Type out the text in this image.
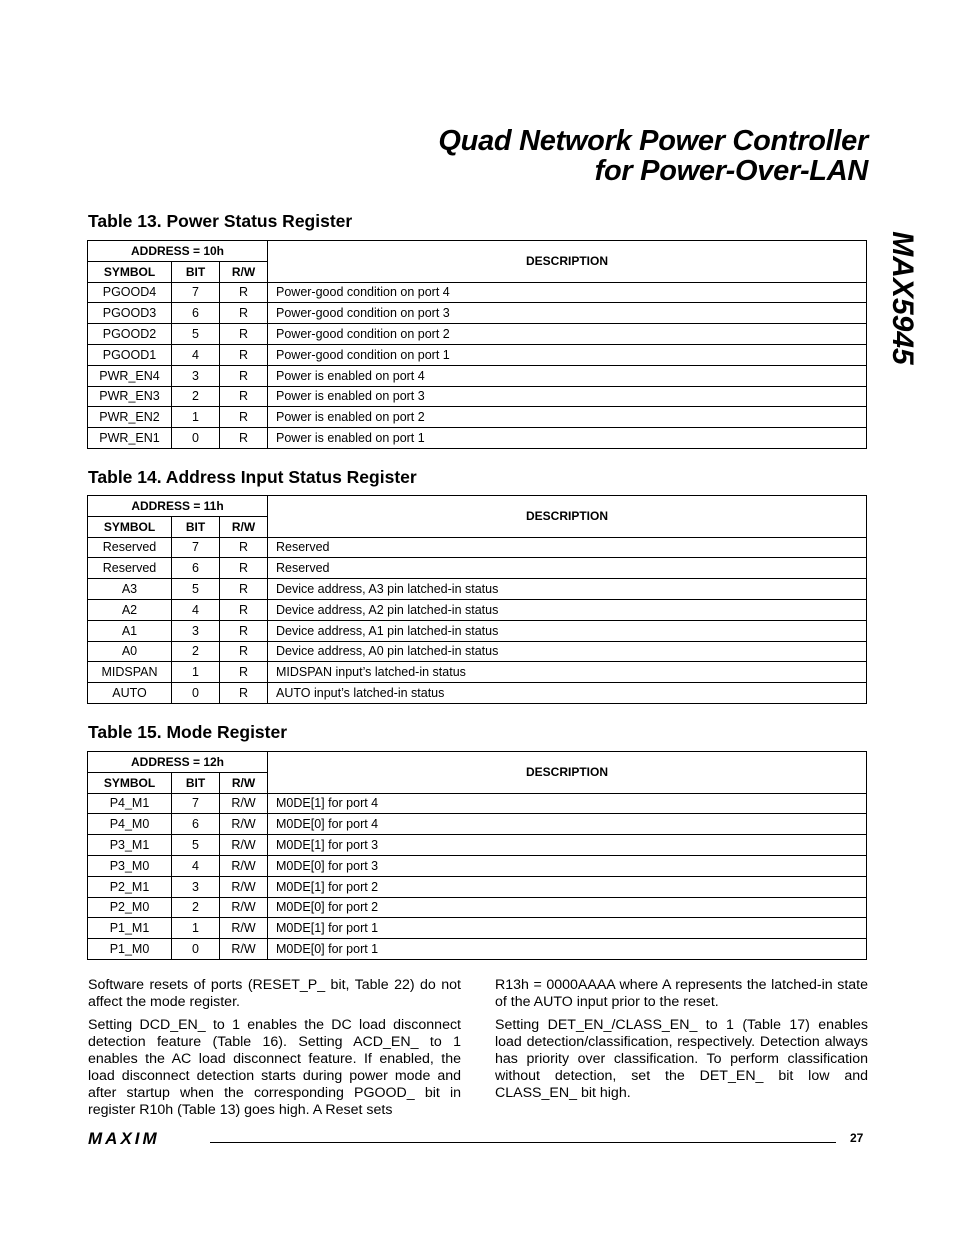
Quad Network Power Controller
for Power-Over-LAN
MAX5945
Table 13. Power Status Register
ADDRESS = 10h			DESCRIPTION
SYMBOL	BIT	R/W	
PGOOD4	7	R	Power-good condition on port 4
PGOOD3	6	R	Power-good condition on port 3
PGOOD2	5	R	Power-good condition on port 2
PGOOD1	4	R	Power-good condition on port 1
PWR_EN4	3	R	Power is enabled on port 4
PWR_EN3	2	R	Power is enabled on port 3
PWR_EN2	1	R	Power is enabled on port 2
PWR_EN1	0	R	Power is enabled on port 1
Table 14. Address Input Status Register
ADDRESS = 11h			DESCRIPTION
SYMBOL	BIT	R/W	
Reserved	7	R	Reserved
Reserved	6	R	Reserved
A3	5	R	Device address, A3 pin latched-in status
A2	4	R	Device address, A2 pin latched-in status
A1	3	R	Device address, A1 pin latched-in status
A0	2	R	Device address, A0 pin latched-in status
MIDSPAN	1	R	MIDSPAN input’s latched-in status
AUTO	0	R	AUTO input’s latched-in status
Table 15. Mode Register
ADDRESS = 12h			DESCRIPTION
SYMBOL	BIT	R/W	
P4_M1	7	R/W	M0DE[1] for port 4
P4_M0	6	R/W	M0DE[0] for port 4
P3_M1	5	R/W	M0DE[1] for port 3
P3_M0	4	R/W	M0DE[0] for port 3
P2_M1	3	R/W	M0DE[1] for port 2
P2_M0	2	R/W	M0DE[0] for port 2
P1_M1	1	R/W	M0DE[1] for port 1
P1_M0	0	R/W	M0DE[0] for port 1

Software resets of ports (RESET_P_ bit, Table 22) do not affect the mode register.

Setting DCD_EN_ to 1 enables the DC load disconnect detection feature (Table 16). Setting ACD_EN_ to 1 enables the AC load disconnect feature. If enabled, the load disconnect detection starts during power mode and after startup when the corresponding PGOOD_ bit in register R10h (Table 13) goes high. A Reset sets

R13h = 0000AAAA where A represents the latched-in state of the AUTO input prior to the reset.

Setting DET_EN_/CLASS_EN_ to 1 (Table 17) enables load detection/classification, respectively. Detection always has priority over classification. To perform classification without detection, set the DET_EN_ bit low and CLASS_EN_ bit high.

MAXIM	27
